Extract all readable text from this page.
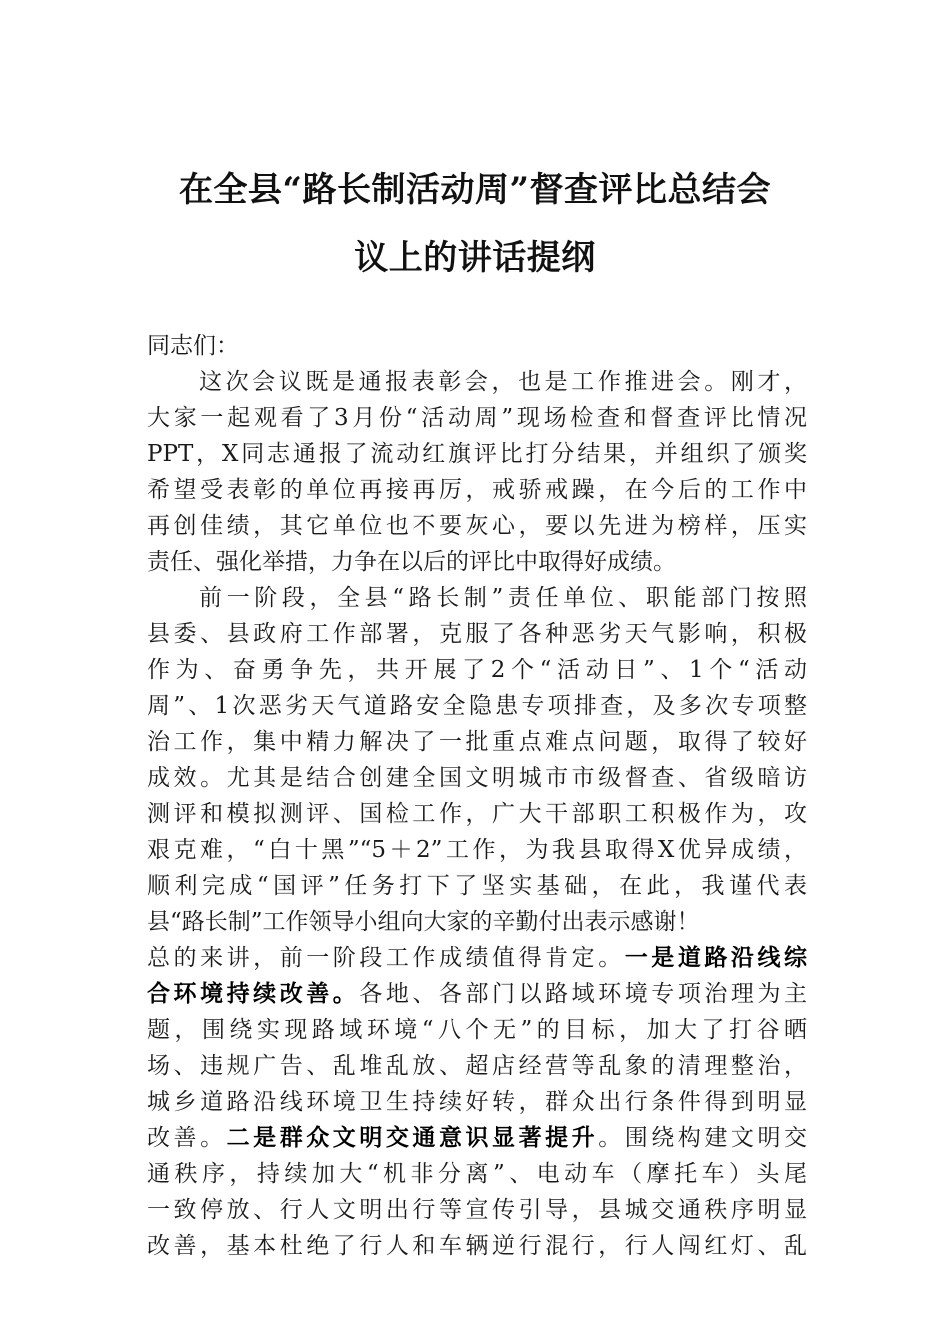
在全县“路长制活动周”督查评比总结会
议上的讲话提纲
同志们：
这次会议既是通报表彰会，也是工作推进会。刚才，
大家一起观看了3月份“活动周”现场检查和督查评比情况
PPT，X同志通报了流动红旗评比打分结果，并组织了颁奖
希望受表彰的单位再接再厉，戒骄戒躁，在今后的工作中
再创佳绩，其它单位也不要灰心，要以先进为榜样，压实
责任、强化举措，力争在以后的评比中取得好成绩。
前一阶段，全县“路长制”责任单位、职能部门按照
县委、县政府工作部署，克服了各种恶劣天气影响，积极
作为、奋勇争先，共开展了2个“活动日”、1个“活动
周”、1次恶劣天气道路安全隐患专项排查，及多次专项整
治工作，集中精力解决了一批重点难点问题，取得了较好
成效。尤其是结合创建全国文明城市市级督查、省级暗访
测评和模拟测评、国检工作，广大干部职工积极作为，攻
艰克难，“白十黑”“5＋2”工作，为我县取得X优异成绩，
顺利完成“国评”任务打下了坚实基础，在此，我谨代表
县“路长制”工作领导小组向大家的辛勤付出表示感谢！
总的来讲，前一阶段工作成绩值得肯定。一是道路沿线综
合环境持续改善。各地、各部门以路域环境专项治理为主
题，围绕实现路域环境“八个无”的目标，加大了打谷晒
场、违规广告、乱堆乱放、超店经营等乱象的清理整治，
城乡道路沿线环境卫生持续好转，群众出行条件得到明显
改善。二是群众文明交通意识显著提升。围绕构建文明交
通秩序，持续加大“机非分离”、电动车（摩托车）头尾
一致停放、行人文明出行等宣传引导，县城交通秩序明显
改善，基本杜绝了行人和车辆逆行混行，行人闯红灯、乱
